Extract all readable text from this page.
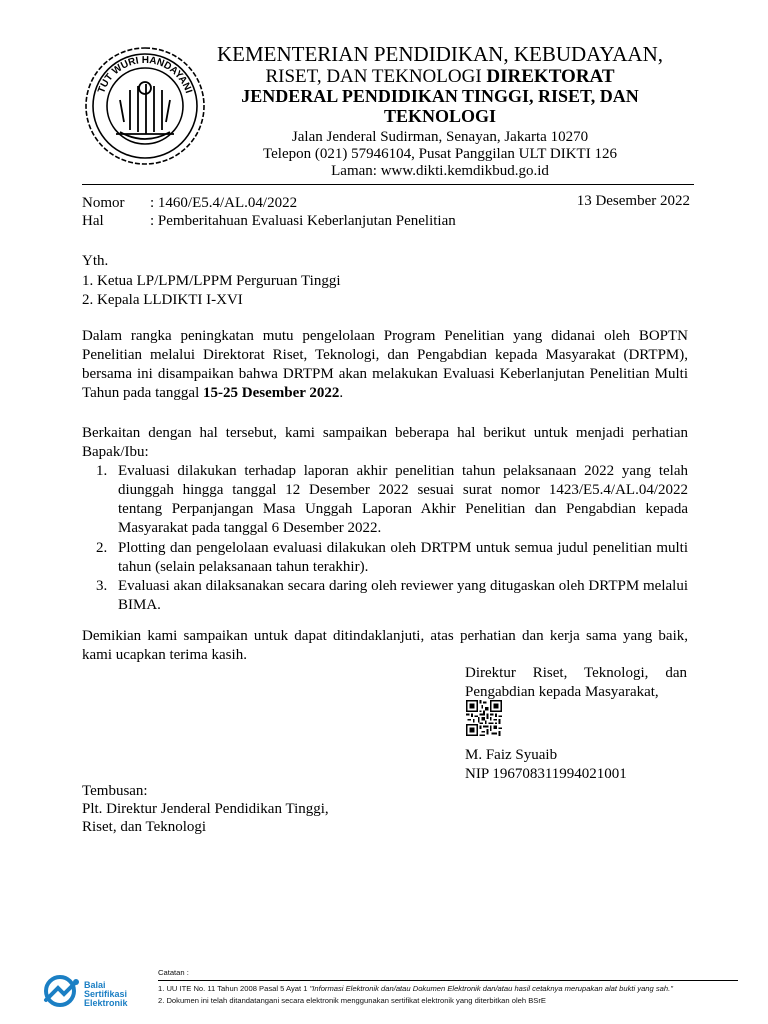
TUT WURI HANDAYANI
KEMENTERIAN PENDIDIKAN, KEBUDAYAAN,
RISET, DAN TEKNOLOGI DIREKTORAT
JENDERAL PENDIDIKAN TINGGI, RISET, DAN
TEKNOLOGI
Jalan Jenderal Sudirman, Senayan, Jakarta 10270
Telepon (021) 57946104, Pusat Panggilan ULT DIKTI 126
Laman: www.dikti.kemdikbud.go.id
Nomor : 1460/E5.4/AL.04/2022	13 Desember 2022
Hal	: Pemberitahuan Evaluasi Keberlanjutan Penelitian
Yth.
1. Ketua LP/LPM/LPPM Perguruan Tinggi
2. Kepala LLDIKTI I-XVI
Dalam rangka peningkatan mutu pengelolaan Program Penelitian yang didanai oleh BOPTN Penelitian melalui Direktorat Riset, Teknologi, dan Pengabdian kepada Masyarakat (DRTPM), bersama ini disampaikan bahwa DRTPM akan melakukan Evaluasi Keberlanjutan Penelitian Multi Tahun pada tanggal 15-25 Desember 2022.
Berkaitan dengan hal tersebut, kami sampaikan beberapa hal berikut untuk menjadi perhatian Bapak/Ibu:
1. Evaluasi dilakukan terhadap laporan akhir penelitian tahun pelaksanaan 2022 yang telah diunggah hingga tanggal 12 Desember 2022 sesuai surat nomor 1423/E5.4/AL.04/2022 tentang Perpanjangan Masa Unggah Laporan Akhir Penelitian dan Pengabdian kepada Masyarakat pada tanggal 6 Desember 2022.
2. Plotting dan pengelolaan evaluasi dilakukan oleh DRTPM untuk semua judul penelitian multi tahun (selain pelaksanaan tahun terakhir).
3. Evaluasi akan dilaksanakan secara daring oleh reviewer yang ditugaskan oleh DRTPM melalui BIMA.
Demikian kami sampaikan untuk dapat ditindaklanjuti, atas perhatian dan kerja sama yang baik, kami ucapkan terima kasih.
Direktur Riset, Teknologi, dan Pengabdian kepada Masyarakat,
M. Faiz Syuaib
NIP 196708311994021001
Tembusan:
Plt. Direktur Jenderal Pendidikan Tinggi,
Riset, dan Teknologi
Balai
Sertifikasi
Elektronik
Catatan :
1. UU ITE No. 11 Tahun 2008 Pasal 5 Ayat 1 "Informasi Elektronik dan/atau Dokumen Elektronik dan/atau hasil cetaknya merupakan alat bukti yang sah."
2. Dokumen ini telah ditandatangani secara elektronik menggunakan sertifikat elektronik yang diterbitkan oleh BSrE
